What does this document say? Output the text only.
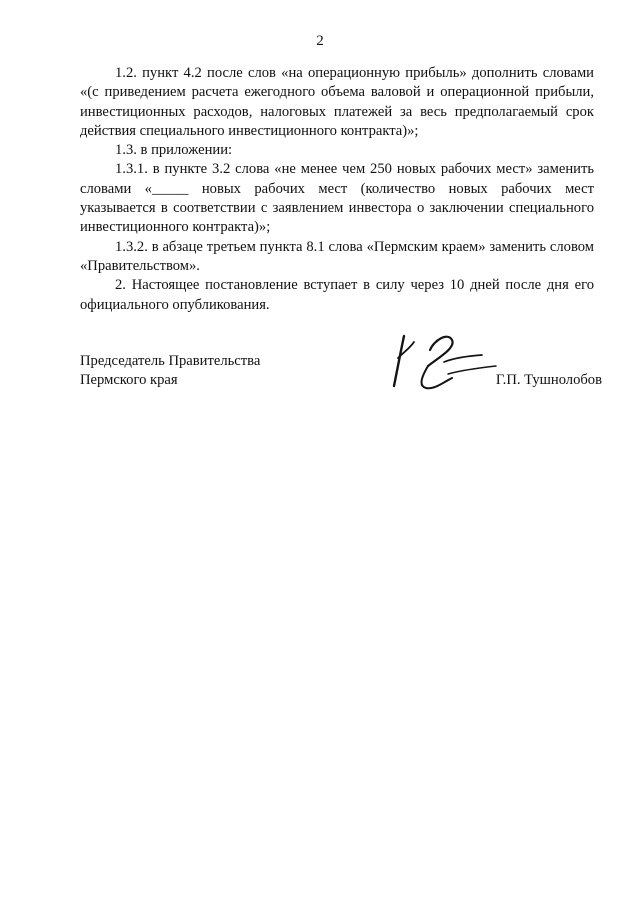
2

1.2. пункт 4.2 после слов «на операционную прибыль» дополнить словами «(с приведением расчета ежегодного объема валовой и операционной прибыли, инвестиционных расходов, налоговых платежей за весь предполагаемый срок действия специального инвестиционного контракта)»;

1.3. в приложении:

1.3.1. в пункте 3.2 слова «не менее чем 250 новых рабочих мест» заменить словами «_____ новых рабочих мест (количество новых рабочих мест указывается в соответствии с заявлением инвестора о заключении специального инвестиционного контракта)»;

1.3.2. в абзаце третьем пункта 8.1 слова «Пермским краем» заменить словом «Правительством».

2. Настоящее постановление вступает в силу через 10 дней после дня его официального опубликования.

Председатель Правительства
Пермского края	Г.П. Тушнолобов
